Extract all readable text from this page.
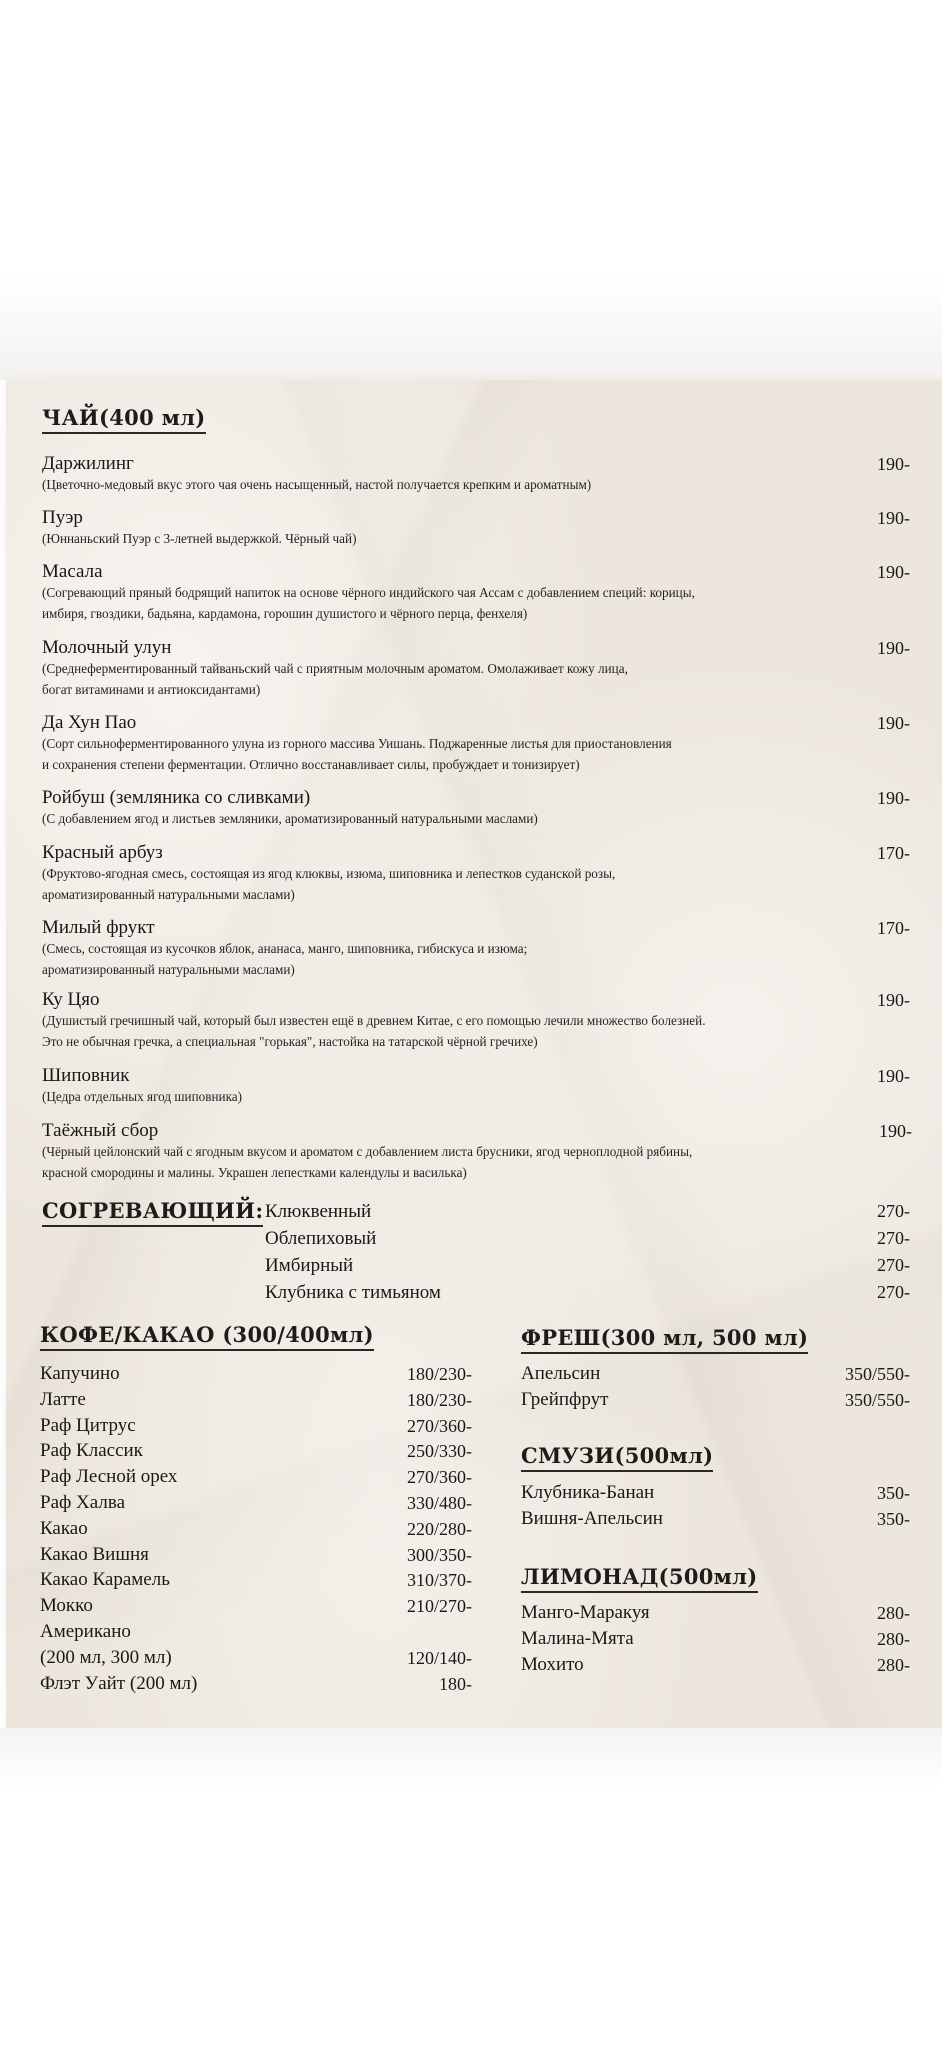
ЧАЙ(400 мл)
Даржилинг	190-
(Цветочно-медовый вкус этого чая очень насыщенный, настой получается крепким и ароматным)
Пуэр	190-
(Юннаньский Пуэр с 3-летней выдержкой. Чёрный чай)
Масала	190-
(Согревающий пряный бодрящий напиток на основе чёрного индийского чая Ассам с добавлением специй: корицы,
имбиря, гвоздики, бадьяна, кардамона, горошин душистого и чёрного перца, фенхеля)
Молочный улун	190-
(Среднеферментированный тайваньский чай с приятным молочным ароматом. Омолаживает кожу лица,
богат витаминами и антиоксидантами)
Да Хун Пао	190-
(Сорт сильноферментированного улуна из горного массива Уишань. Поджаренные листья для приостановления
и сохранения степени ферментации. Отлично восстанавливает силы, пробуждает и тонизирует)
Ройбуш (земляника со сливками)	190-
(С добавлением ягод и листьев земляники, ароматизированный натуральными маслами)
Красный арбуз	170-
(Фруктово-ягодная смесь, состоящая из ягод клюквы, изюма, шиповника и лепестков суданской розы,
ароматизированный натуральными маслами)
Милый фрукт	170-
(Смесь, состоящая из кусочков яблок, ананаса, манго, шиповника, гибискуса и изюма;
ароматизированный натуральными маслами)
Ку Цяо	190-
(Душистый гречишный чай, который был известен ещё в древнем Китае, с его помощью лечили множество болезней.
Это не обычная гречка, а специальная "горькая", настойка на татарской чёрной гречихе)
Шиповник	190-
(Цедра отдельных ягод шиповника)
Таёжный сбор	190-
(Чёрный цейлонский чай с ягодным вкусом и ароматом с добавлением листа брусники, ягод черноплодной рябины,
красной смородины и малины. Украшен лепестками календулы и василька)
СОГРЕВАЮЩИЙ: Клюквенный	270-
Облепиховый	270-
Имбирный	270-
Клубника с тимьяном	270-
КОФЕ/КАКАО (300/400мл)
Капучино	180/230-
Латте	180/230-
Раф Цитрус	270/360-
Раф Классик	250/330-
Раф Лесной орех	270/360-
Раф Халва	330/480-
Какао	220/280-
Какао Вишня	300/350-
Какао Карамель	310/370-
Мокко	210/270-
Американо
(200 мл, 300 мл)	120/140-
Флэт Уайт (200 мл)	180-
ФРЕШ(300 мл, 500 мл)
Апельсин	350/550-
Грейпфрут	350/550-
СМУЗИ(500мл)
Клубника-Банан	350-
Вишня-Апельсин	350-
ЛИМОНАД(500мл)
Манго-Маракуя	280-
Малина-Мята	280-
Мохито	280-
